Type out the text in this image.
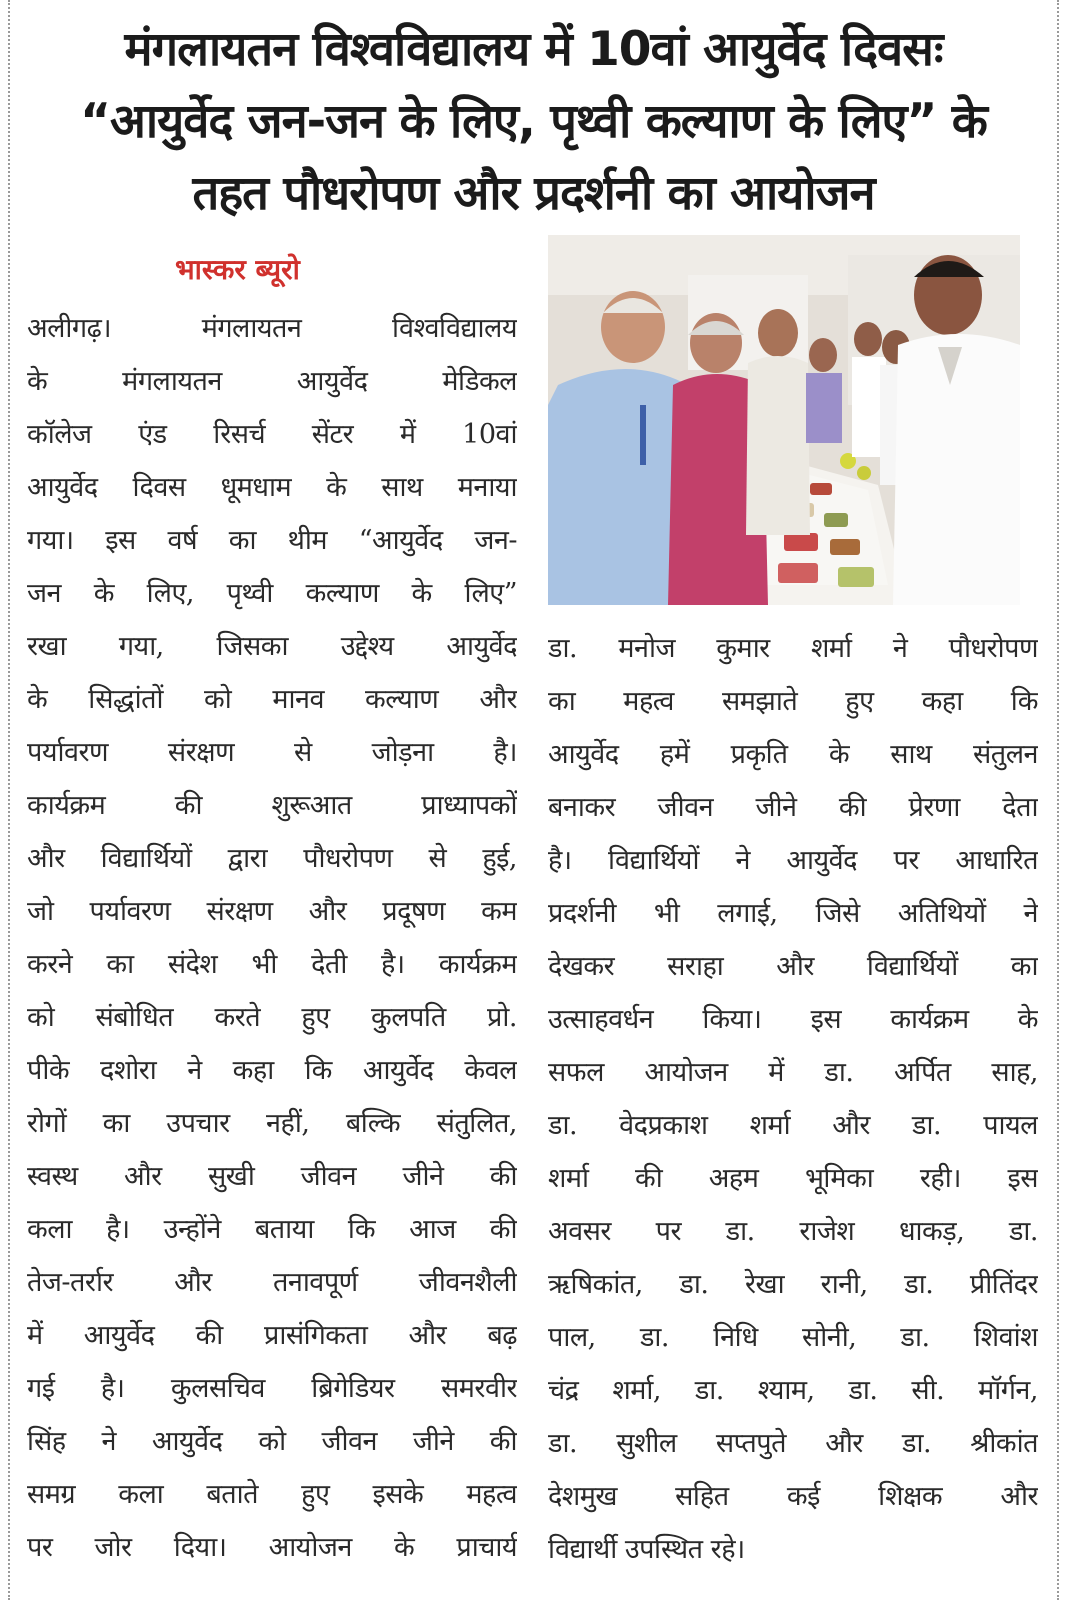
मंगलायतन विश्वविद्यालय में 10वां आयुर्वेद दिवसः
“आयुर्वेद जन-जन के लिए, पृथ्वी कल्याण के लिए” के
तहत पौधरोपण और प्रदर्शनी का आयोजन
भास्कर ब्यूरो
अलीगढ़। मंगलायतन विश्वविद्यालय
के मंगलायतन आयुर्वेद मेडिकल
कॉलेज एंड रिसर्च सेंटर में 10वां
आयुर्वेद दिवस धूमधाम के साथ मनाया
गया। इस वर्ष का थीम “आयुर्वेद जन-
जन के लिए, पृथ्वी कल्याण के लिए”
रखा गया, जिसका उद्देश्य आयुर्वेद
के सिद्धांतों को मानव कल्याण और
पर्यावरण संरक्षण से जोड़ना है।
कार्यक्रम की शुरूआत प्राध्यापकों
और विद्यार्थियों द्वारा पौधरोपण से हुई,
जो पर्यावरण संरक्षण और प्रदूषण कम
करने का संदेश भी देती है। कार्यक्रम
को संबोधित करते हुए कुलपति प्रो.
पीके दशोरा ने कहा कि आयुर्वेद केवल
रोगों का उपचार नहीं, बल्कि संतुलित,
स्वस्थ और सुखी जीवन जीने की
कला है। उन्होंने बताया कि आज की
तेज-तर्रार और तनावपूर्ण जीवनशैली
में आयुर्वेद की प्रासंगिकता और बढ़
गई है। कुलसचिव ब्रिगेडियर समरवीर
सिंह ने आयुर्वेद को जीवन जीने की
समग्र कला बताते हुए इसके महत्व
पर जोर दिया। आयोजन के प्राचार्य
डा. मनोज कुमार शर्मा ने पौधरोपण
का महत्व समझाते हुए कहा कि
आयुर्वेद हमें प्रकृति के साथ संतुलन
बनाकर जीवन जीने की प्रेरणा देता
है। विद्यार्थियों ने आयुर्वेद पर आधारित
प्रदर्शनी भी लगाई, जिसे अतिथियों ने
देखकर सराहा और विद्यार्थियों का
उत्साहवर्धन किया। इस कार्यक्रम के
सफल आयोजन में डा. अर्पित साह,
डा. वेदप्रकाश शर्मा और डा. पायल
शर्मा की अहम भूमिका रही। इस
अवसर पर डा. राजेश धाकड़, डा.
ऋषिकांत, डा. रेखा रानी, डा. प्रीतिंदर
पाल, डा. निधि सोनी, डा. शिवांश
चंद्र शर्मा, डा. श्याम, डा. सी. मॉर्गन,
डा. सुशील सप्तपुते और डा. श्रीकांत
देशमुख सहित कई शिक्षक और
विद्यार्थी उपस्थित रहे।
